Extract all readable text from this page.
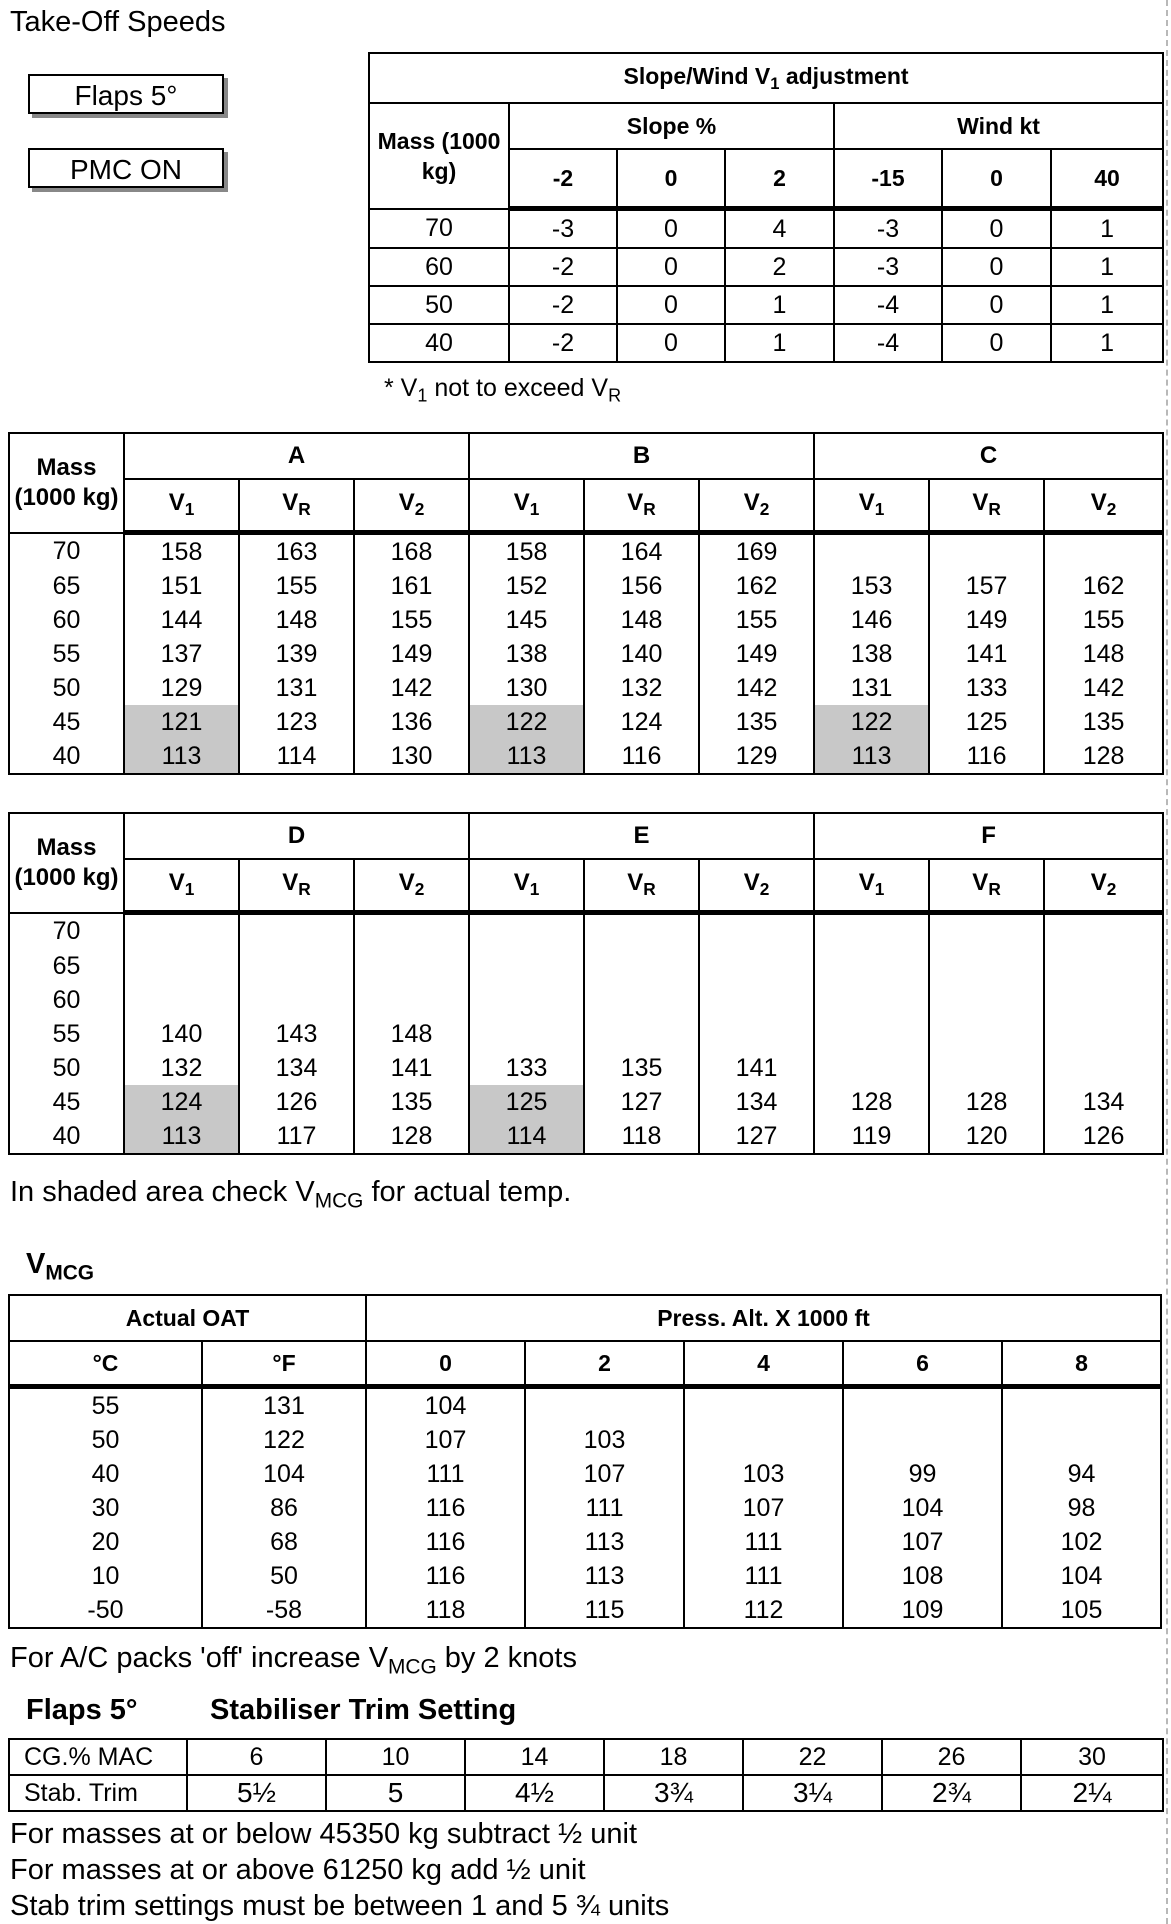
Take-Off Speeds
Flaps 5°
PMC ON
Slope/Wind $V_1$ adjustment						
Mass (1000 kg)	Slope %			Wind kt		
	-2	0	2	-15	0	40
70	-3	0	4	-3	0	1
60	-2	0	2	-3	0	1
50	-2	0	1	-4	0	1
40	-2	0	1	-4	0	1
* $V_1$ not to exceed $V_R$
Mass (1000 kg)	A			B			C		
	$V_1$	$V_R$	$V_2$	$V_1$	$V_R$	$V_2$	$V_1$	$V_R$	$V_2$
70	158	163	168	158	164	169			
65	151	155	161	152	156	162	153	157	162
60	144	148	155	145	148	155	146	149	155
55	137	139	149	138	140	149	138	141	148
50	129	131	142	130	132	142	131	133	142
45	121	123	136	122	124	135	122	125	135
40	113	114	130	113	116	129	113	116	128
Mass (1000 kg)	D			E			F		
	$V_1$	$V_R$	$V_2$	$V_1$	$V_R$	$V_2$	$V_1$	$V_R$	$V_2$
70									
65									
60									
55	140	143	148						
50	132	134	141	133	135	141			
45	124	126	135	125	127	134	128	128	134
40	113	117	128	114	118	127	119	120	126
In shaded area check $V_{MCG}$ for actual temp.
$V_{MCG}$
Actual OAT		Press. Alt. X 1000 ft				
°C	°F	0	2	4	6	8
55	131	104				
50	122	107	103			
40	104	111	107	103	99	94
30	86	116	111	107	104	98
20	68	116	113	111	107	102
10	50	116	113	111	108	104
-50	-58	118	115	112	109	105
For A/C packs 'off' increase $V_{MCG}$ by 2 knots
Flaps 5° Stabiliser Trim Setting
CG.% MAC	6	10	14	18	22	26	30
Stab. Trim	5½	5	4½	3¾	3¼	2¾	2¼
For masses at or below 45350 kg subtract ½ unit
For masses at or above 61250 kg add ½ unit
Stab trim settings must be between 1 and 5 ¾ units
